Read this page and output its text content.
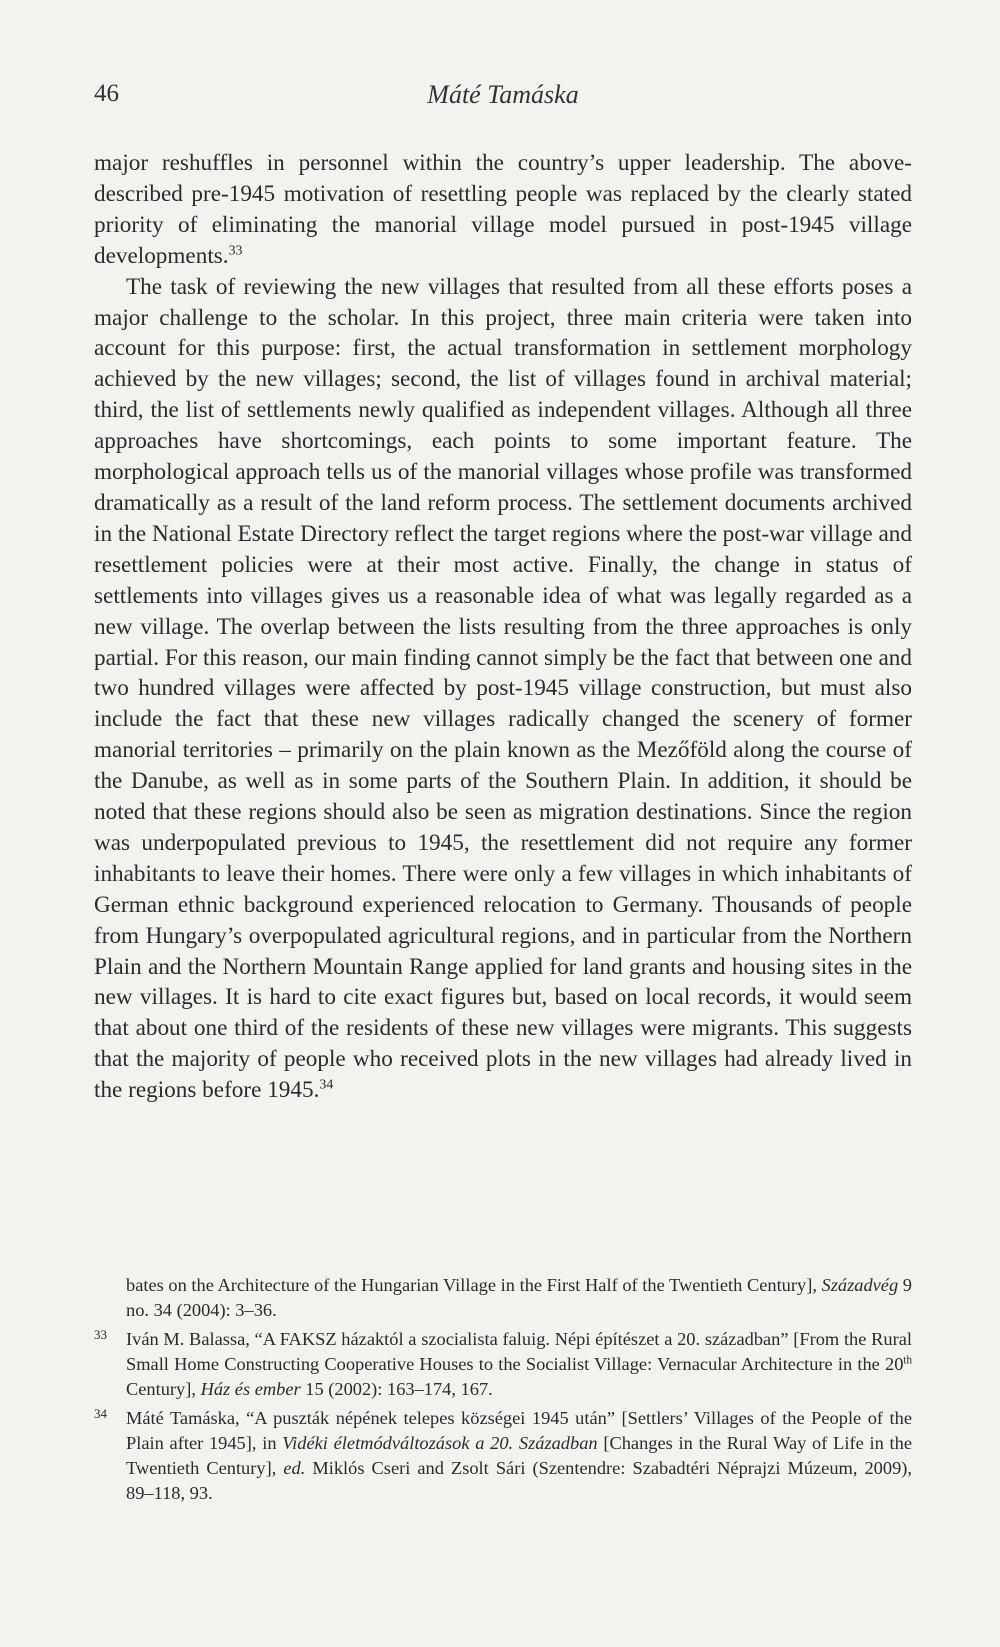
46	Máté Tamáska

major reshuffles in personnel within the country’s upper leadership. The above-described pre-1945 motivation of resettling people was replaced by the clearly stated priority of eliminating the manorial village model pursued in post-1945 village developments.$^{33}$

The task of reviewing the new villages that resulted from all these efforts poses a major challenge to the scholar. In this project, three main criteria were taken into account for this purpose: first, the actual transformation in settlement morphology achieved by the new villages; second, the list of villages found in archival material; third, the list of settlements newly qualified as independent villages. Although all three approaches have shortcomings, each points to some important feature. The morphological approach tells us of the manorial villages whose profile was transformed dramatically as a result of the land reform process. The settlement documents archived in the National Estate Directory reflect the target regions where the post-war village and resettlement policies were at their most active. Finally, the change in status of settlements into villages gives us a reasonable idea of what was legally regarded as a new village. The overlap between the lists resulting from the three approaches is only partial. For this reason, our main finding cannot simply be the fact that between one and two hundred villages were affected by post-1945 village construction, but must also include the fact that these new villages radically changed the scenery of former manorial territories – primarily on the plain known as the Mezőföld along the course of the Danube, as well as in some parts of the Southern Plain. In addition, it should be noted that these regions should also be seen as migration destinations. Since the region was underpopulated previous to 1945, the resettlement did not require any former inhabitants to leave their homes. There were only a few villages in which inhabitants of German ethnic background experienced relocation to Germany. Thousands of people from Hungary’s overpopulated agricultural regions, and in particular from the Northern Plain and the Northern Mountain Range applied for land grants and housing sites in the new villages. It is hard to cite exact figures but, based on local records, it would seem that about one third of the residents of these new villages were migrants. This suggests that the majority of people who received plots in the new villages had already lived in the regions before 1945.34

bates on the Architecture of the Hungarian Village in the First Half of the Twentieth Century], Századvég 9 no. 34 (2004): 3–36.
33 Iván M. Balassa, “A FAKSZ házaktól a szocialista faluig. Népi építészet a 20. században” [From the Rural Small Home Constructing Cooperative Houses to the Socialist Village: Vernacular Architecture in the 20th Century], Ház és ember 15 (2002): 163–174, 167.
34 Máté Tamáska, “A puszták népének telepes községei 1945 után” [Settlers’ Villages of the People of the Plain after 1945], in Vidéki életmódváltozások a 20. Században [Changes in the Rural Way of Life in the Twentieth Century], ed. Miklós Cseri and Zsolt Sári (Szentendre: Szabadtéri Néprajzi Múzeum, 2009), 89–118, 93.
